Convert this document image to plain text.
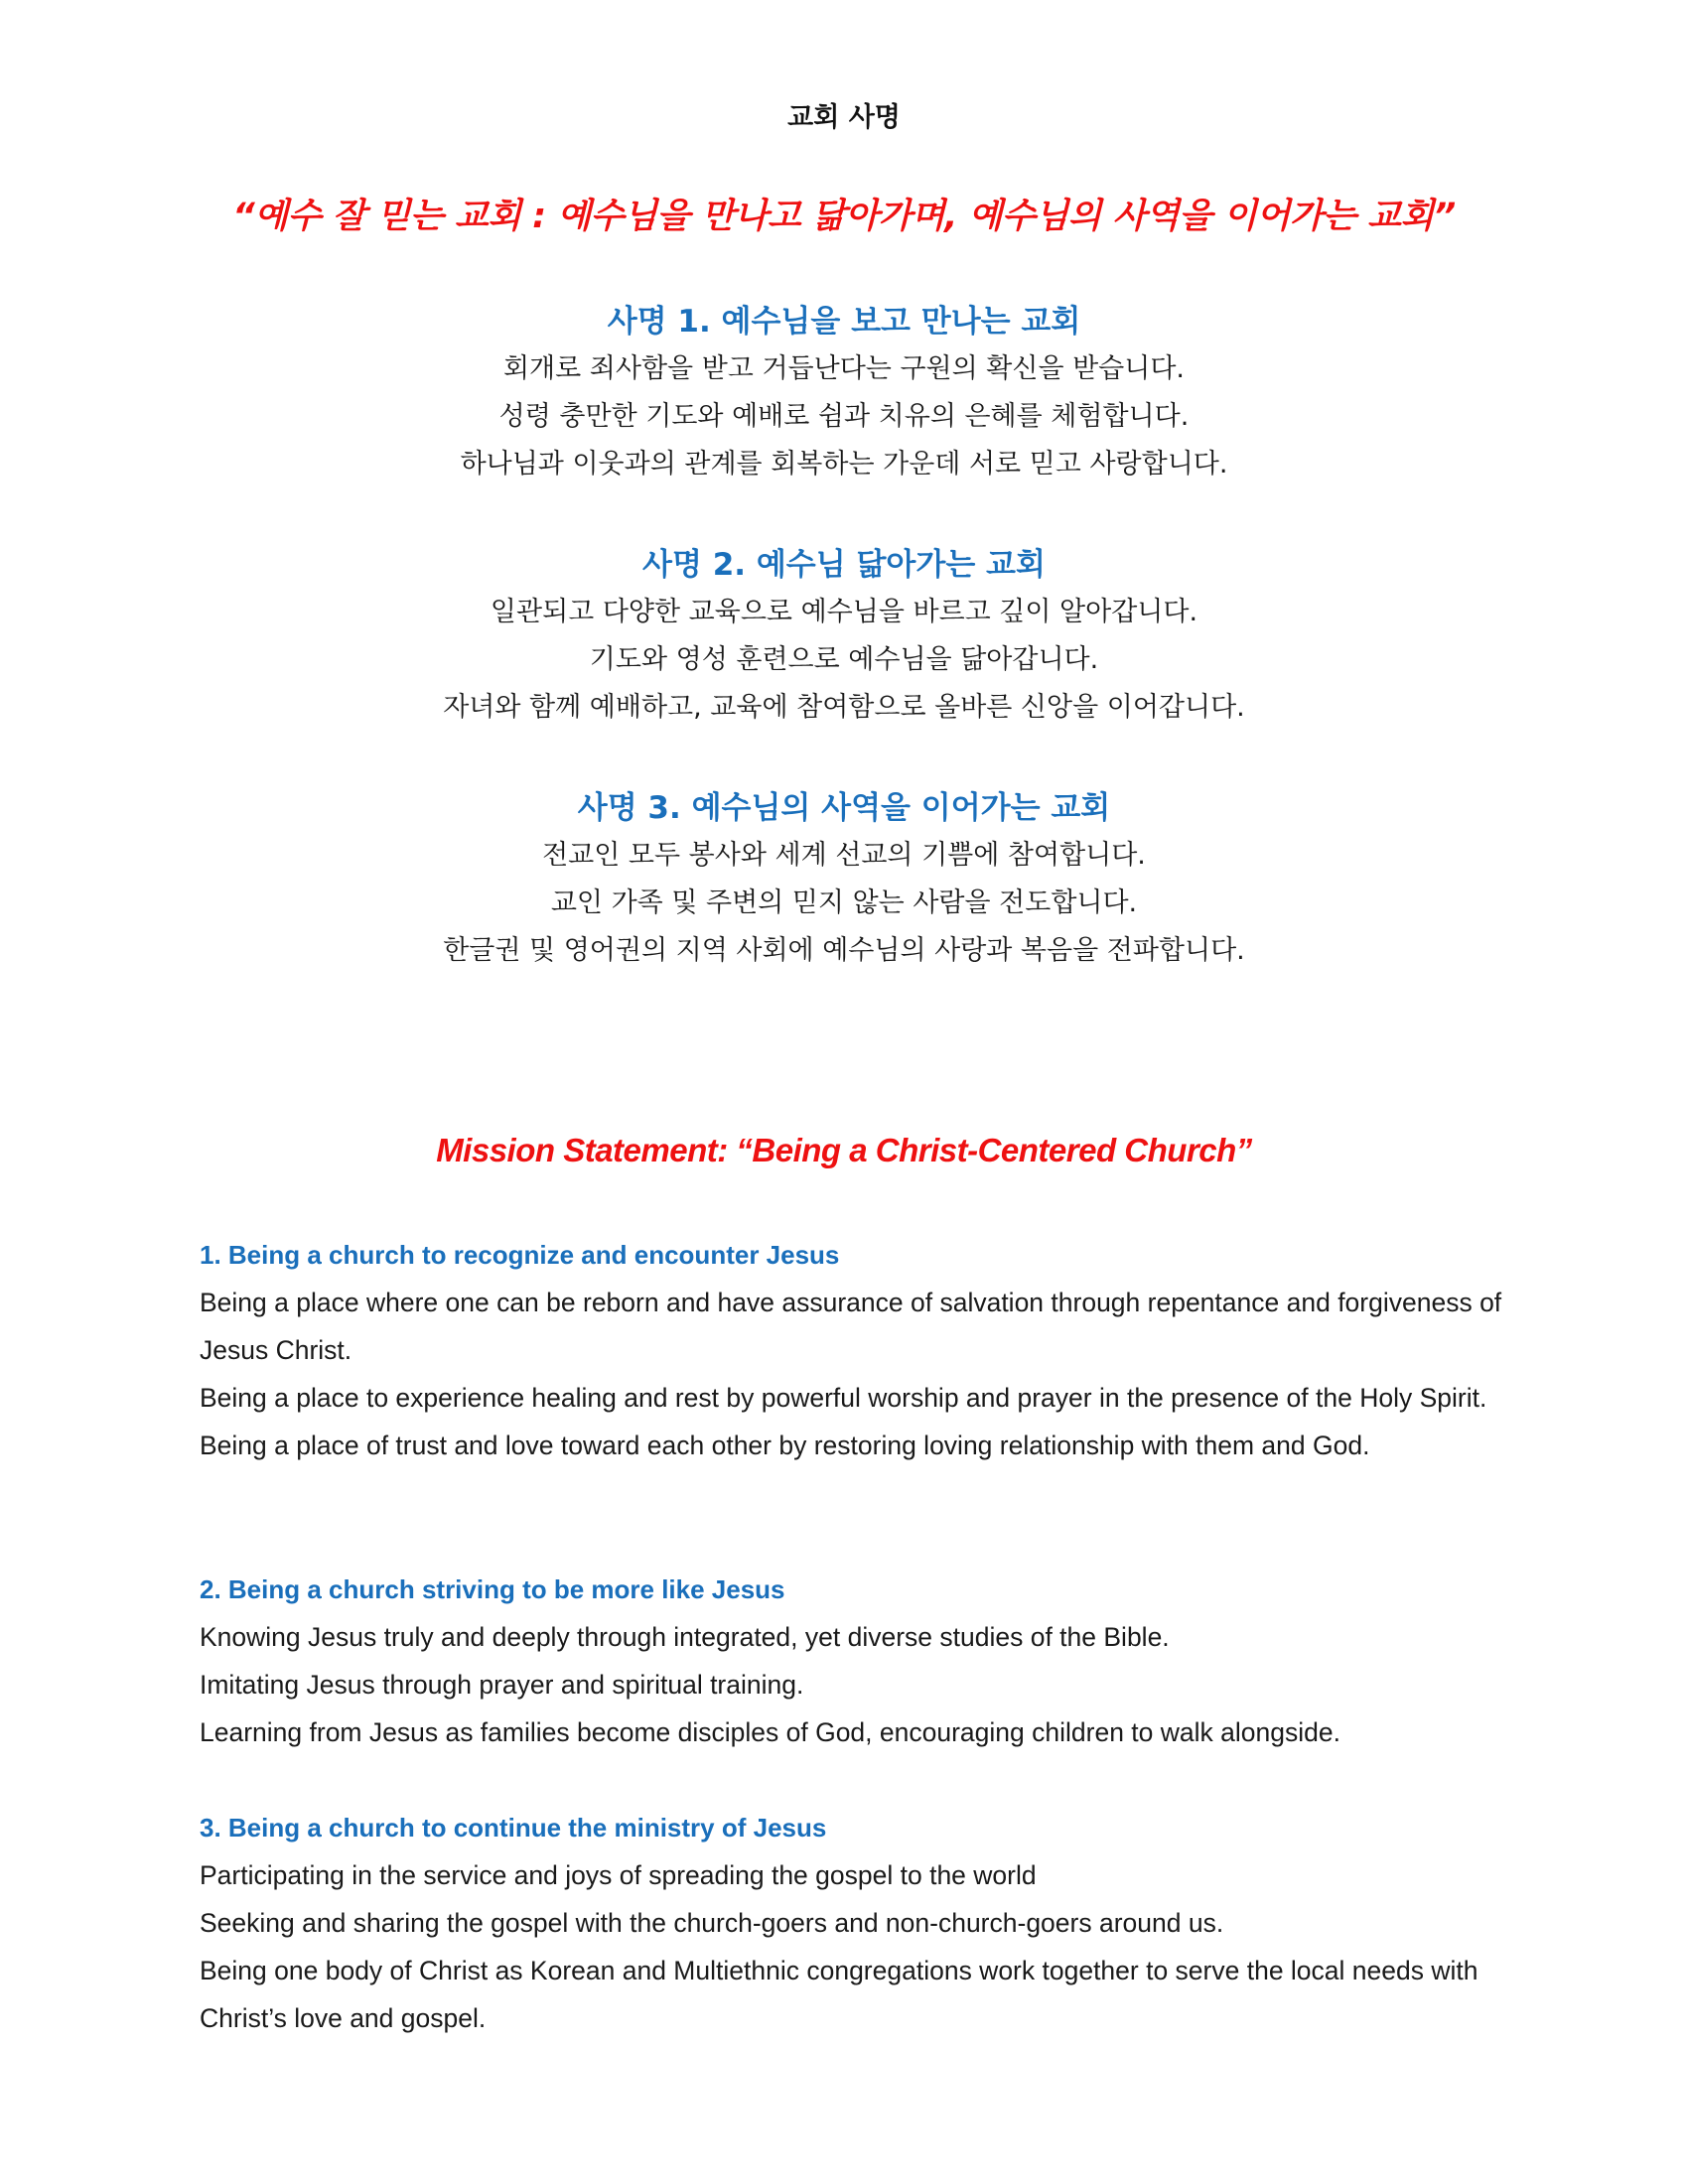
교회 사명
“예수 잘 믿는 교회 : 예수님을 만나고 닮아가며, 예수님의 사역을 이어가는 교회”

사명 1. 예수님을 보고 만나는 교회

회개로 죄사함을 받고 거듭난다는 구원의 확신을 받습니다.

성령 충만한 기도와 예배로 쉼과 치유의 은혜를 체험합니다.

하나님과 이웃과의 관계를 회복하는 가운데 서로 믿고 사랑합니다.

사명 2. 예수님 닮아가는 교회

일관되고 다양한 교육으로 예수님을 바르고 깊이 알아갑니다.

기도와 영성 훈련으로 예수님을 닮아갑니다.

자녀와 함께 예배하고, 교육에 참여함으로 올바른 신앙을 이어갑니다.

사명 3. 예수님의 사역을 이어가는 교회

전교인 모두 봉사와 세계 선교의 기쁨에 참여합니다.

교인 가족 및 주변의 믿지 않는 사람을 전도합니다.

한글권 및 영어권의 지역 사회에 예수님의 사랑과 복음을 전파합니다.

Mission Statement: “Being a Christ-Centered Church”

1. Being a church to recognize and encounter Jesus

Being a place where one can be reborn and have assurance of salvation through repentance and forgiveness of Jesus Christ.

Being a place to experience healing and rest by powerful worship and prayer in the presence of the Holy Spirit.

Being a place of trust and love toward each other by restoring loving relationship with them and God.

2. Being a church striving to be more like Jesus

Knowing Jesus truly and deeply through integrated, yet diverse studies of the Bible.

Imitating Jesus through prayer and spiritual training.

Learning from Jesus as families become disciples of God, encouraging children to walk alongside.

3. Being a church to continue the ministry of Jesus

Participating in the service and joys of spreading the gospel to the world

Seeking and sharing the gospel with the church-goers and non-church-goers around us.

Being one body of Christ as Korean and Multiethnic congregations work together to serve the local needs with Christ’s love and gospel.
